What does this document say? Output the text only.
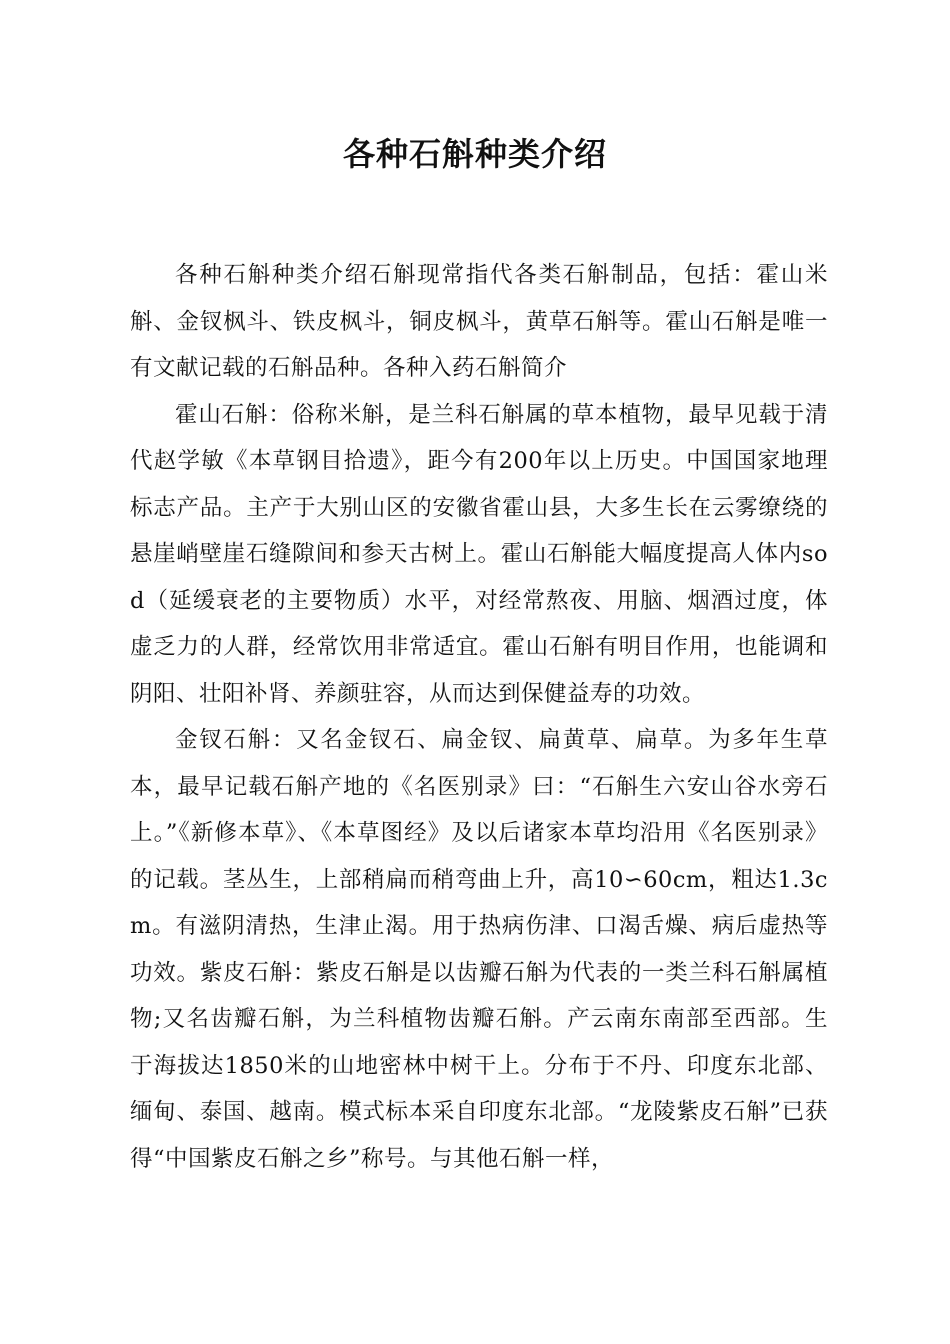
各种石斛种类介绍

各种石斛种类介绍石斛现常指代各类石斛制品，包括：霍山米斛、金钗枫斗、铁皮枫斗，铜皮枫斗，黄草石斛等。霍山石斛是唯一有文献记载的石斛品种。各种入药石斛简介

霍山石斛：俗称米斛，是兰科石斛属的草本植物，最早见载于清代赵学敏《本草钢目拾遗》，距今有200年以上历史。中国国家地理标志产品。主产于大别山区的安徽省霍山县，大多生长在云雾缭绕的悬崖峭壁崖石缝隙间和参天古树上。霍山石斛能大幅度提高人体内sod（延缓衰老的主要物质）水平，对经常熬夜、用脑、烟酒过度，体虚乏力的人群，经常饮用非常适宜。霍山石斛有明目作用，也能调和阴阳、壮阳补肾、养颜驻容，从而达到保健益寿的功效。

金钗石斛：又名金钗石、扁金钗、扁黄草、扁草。为多年生草本，最早记载石斛产地的《名医别录》曰：“石斛生六安山谷水旁石上。”《新修本草》、《本草图经》及以后诸家本草均沿用《名医别录》的记载。茎丛生，上部稍扁而稍弯曲上升，高10∽60cm，粗达1.3cm。有滋阴清热，生津止渴。用于热病伤津、口渴舌燥、病后虚热等功效。紫皮石斛：紫皮石斛是以齿瓣石斛为代表的一类兰科石斛属植物;又名齿瓣石斛，为兰科植物齿瓣石斛。产云南东南部至西部。生于海拔达1850米的山地密林中树干上。分布于不丹、印度东北部、缅甸、泰国、越南。模式标本采自印度东北部。“龙陵紫皮石斛”已获得“中国紫皮石斛之乡”称号。与其他石斛一样，
